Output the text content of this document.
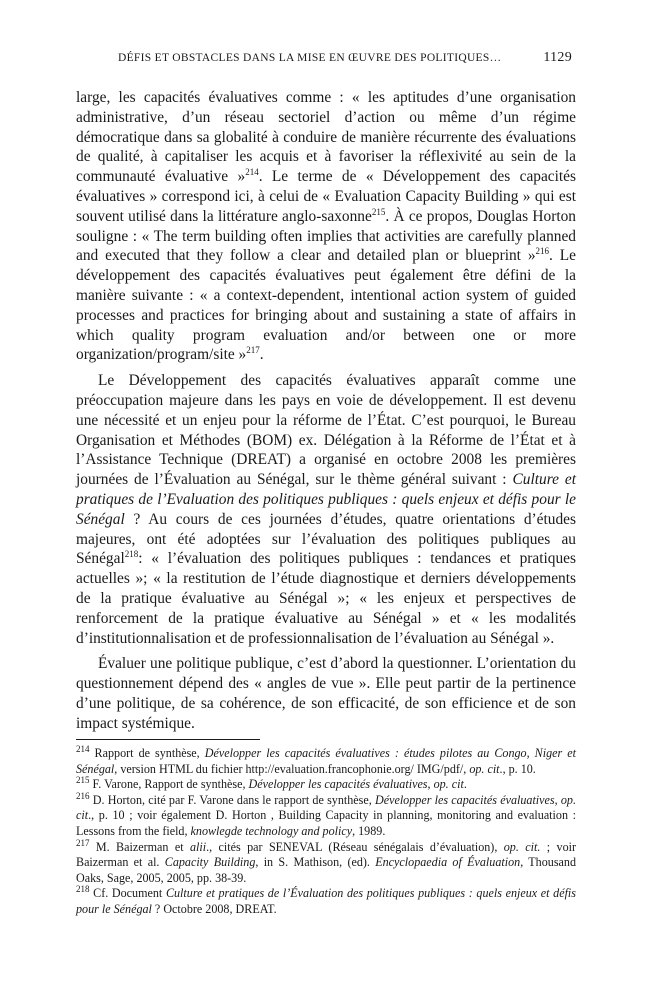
DÉFIS ET OBSTACLES DANS LA MISE EN ŒUVRE DES POLITIQUES…	1129

large, les capacités évaluatives comme : « les aptitudes d’une organisation administrative, d’un réseau sectoriel d’action ou même d’un régime démocratique dans sa globalité à conduire de manière récurrente des évaluations de qualité, à capitaliser les acquis et à favoriser la réflexivité au sein de la communauté évaluative »$^{214}$. Le terme de « Développement des capacités évaluatives » correspond ici, à celui de « Evaluation Capacity Building » qui est souvent utilisé dans la littérature anglo-saxonne$^{215}$. À ce propos, Douglas Horton souligne : « The term building often implies that activities are carefully planned and executed that they follow a clear and detailed plan or blueprint »$^{216}$. Le développement des capacités évaluatives peut également être défini de la manière suivante : « a context-dependent, intentional action system of guided processes and practices for bringing about and sustaining a state of affairs in which quality program evaluation and/or between one or more organization/program/site »$^{217}$.

Le Développement des capacités évaluatives apparaît comme une préoccupation majeure dans les pays en voie de développement. Il est devenu une nécessité et un enjeu pour la réforme de l’État. C’est pourquoi, le Bureau Organisation et Méthodes (BOM) ex. Délégation à la Réforme de l’État et à l’Assistance Technique (DREAT) a organisé en octobre 2008 les premières journées de l’Évaluation au Sénégal, sur le thème général suivant : Culture et pratiques de l’Evaluation des politiques publiques : quels enjeux et défis pour le Sénégal ? Au cours de ces journées d’études, quatre orientations d’études majeures, ont été adoptées sur l’évaluation des politiques publiques au Sénégal$^{218}$: « l’évaluation des politiques publiques : tendances et pratiques actuelles »; « la restitution de l’étude diagnostique et derniers développements de la pratique évaluative au Sénégal »; « les enjeux et perspectives de renforcement de la pratique évaluative au Sénégal » et « les modalités d’institutionnalisation et de professionnalisation de l’évaluation au Sénégal ».

Évaluer une politique publique, c’est d’abord la questionner. L’orientation du questionnement dépend des « angles de vue ». Elle peut partir de la pertinence d’une politique, de sa cohérence, de son efficacité, de son efficience et de son impact systémique.

$^{214}$ Rapport de synthèse, Développer les capacités évaluatives : études pilotes au Congo, Niger et Sénégal, version HTML du fichier http://evaluation.francophonie.org/ IMG/pdf/, op. cit., p. 10.

$^{215}$ F. Varone, Rapport de synthèse, Développer les capacités évaluatives, op. cit.

$^{216}$ D. Horton, cité par F. Varone dans le rapport de synthèse, Développer les capacités évaluatives, op. cit., p. 10 ; voir également D. Horton , Building Capacity in planning, monitoring and evaluation : Lessons from the field, knowlegde technology and policy, 1989.

$^{217}$ M. Baizerman et alii., cités par SENEVAL (Réseau sénégalais d’évaluation), op. cit. ; voir Baizerman et al. Capacity Building, in S. Mathison, (ed). Encyclopaedia of Évaluation, Thousand Oaks, Sage, 2005, 2005, pp. 38-39.

$^{218}$ Cf. Document Culture et pratiques de l’Évaluation des politiques publiques : quels enjeux et défis pour le Sénégal ? Octobre 2008, DREAT.
